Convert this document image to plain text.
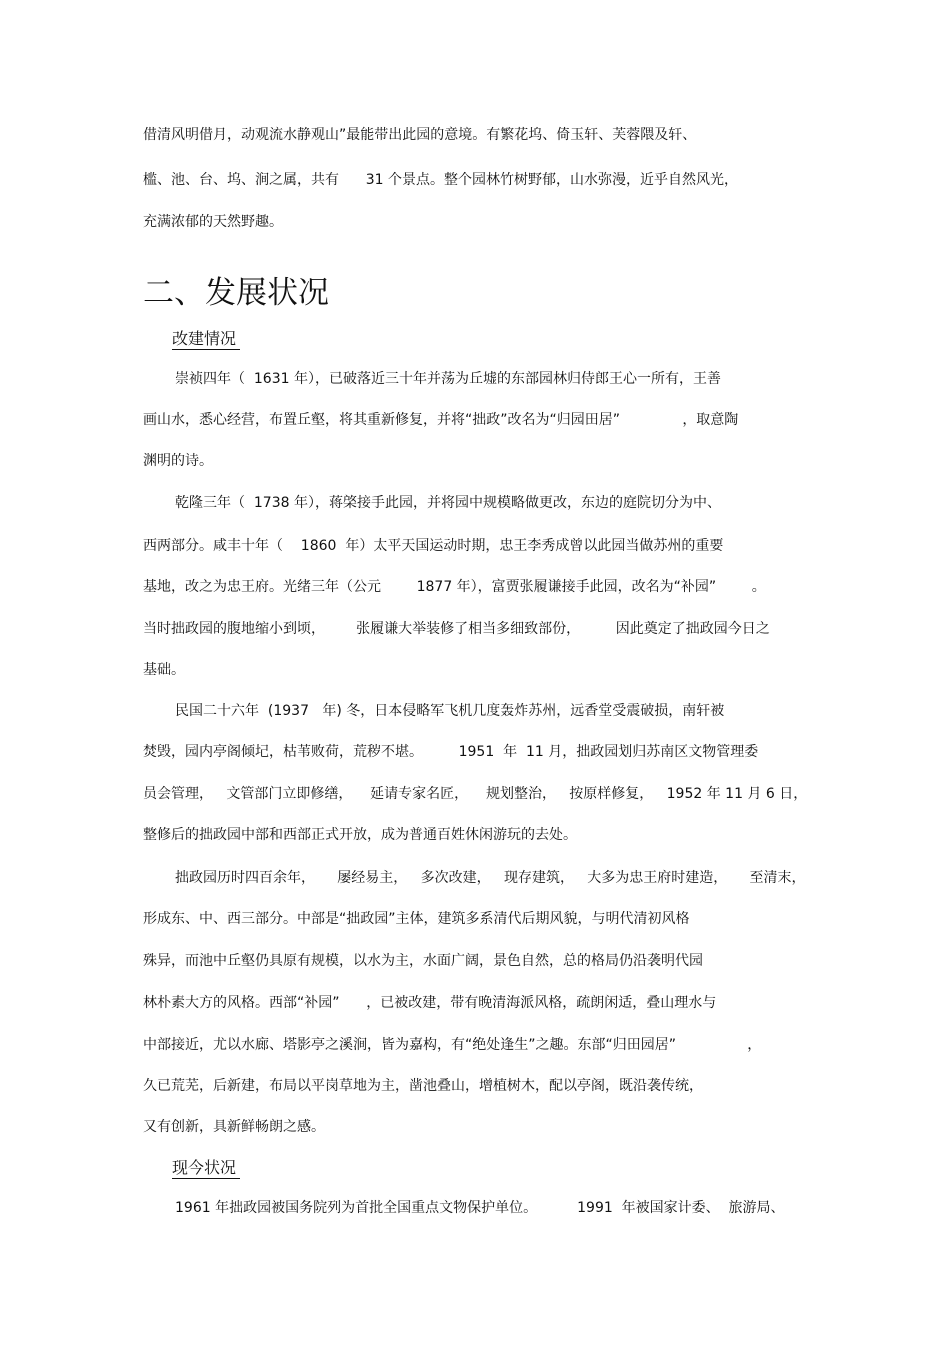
借清风明借月，动观流水静观山”最能带出此园的意境。有繁花坞、倚玉轩、芙蓉隈及轩、
槛、池、台、坞、涧之属，共有      31 个景点。整个园林竹树野郁，山水弥漫，近乎自然风光，
充满浓郁的天然野趣。
二、发展状况
改建情况
崇祯四年（  1631 年），已破落近三十年并荡为丘墟的东部园林归侍郎王心一所有，王善
画山水，悉心经营，布置丘壑，将其重新修复，并将“拙政”改名为“归园田居”              ，取意陶
渊明的诗。
乾隆三年（  1738 年），蒋棨接手此园，并将园中规模略做更改，东边的庭院切分为中、
西两部分。咸丰十年（    1860  年）太平天国运动时期，忠王李秀成曾以此园当做苏州的重要
基地，改之为忠王府。光绪三年（公元        1877 年），富贾张履谦接手此园，改名为“补园”        。
当时拙政园的腹地缩小到顷，       张履谦大举装修了相当多细致部份，        因此奠定了拙政园今日之
基础。
民国二十六年  (1937   年) 冬，日本侵略军飞机几度轰炸苏州，远香堂受震破损，南轩被
焚毁，园内亭阁倾圮，枯苇败荷，荒秽不堪。        1951  年  11 月，拙政园划归苏南区文物管理委
员会管理，   文管部门立即修缮，    延请专家名匠，    规划整治，   按原样修复，   1952 年 11 月 6 日，
整修后的拙政园中部和西部正式开放，成为普通百姓休闲游玩的去处。
拙政园历时四百余年，     屡经易主，   多次改建，   现存建筑，   大多为忠王府时建造，     至清末，
形成东、中、西三部分。中部是“拙政园”主体，建筑多系清代后期风貌，与明代清初风格
殊异，而池中丘壑仍具原有规模，以水为主，水面广阔，景色自然，总的格局仍沿袭明代园
林朴素大方的风格。西部“补园”      ，已被改建，带有晚清海派风格，疏朗闲适，叠山理水与
中部接近，尤以水廊、塔影亭之溪涧，皆为嘉构，有“绝处逢生”之趣。东部“归田园居”                ，
久已荒芜，后新建，布局以平岗草地为主，凿池叠山，增植树木，配以亭阁，既沿袭传统，
又有创新，具新鲜畅朗之感。
现今状况
1961 年拙政园被国务院列为首批全国重点文物保护单位。         1991  年被国家计委、  旅游局、
